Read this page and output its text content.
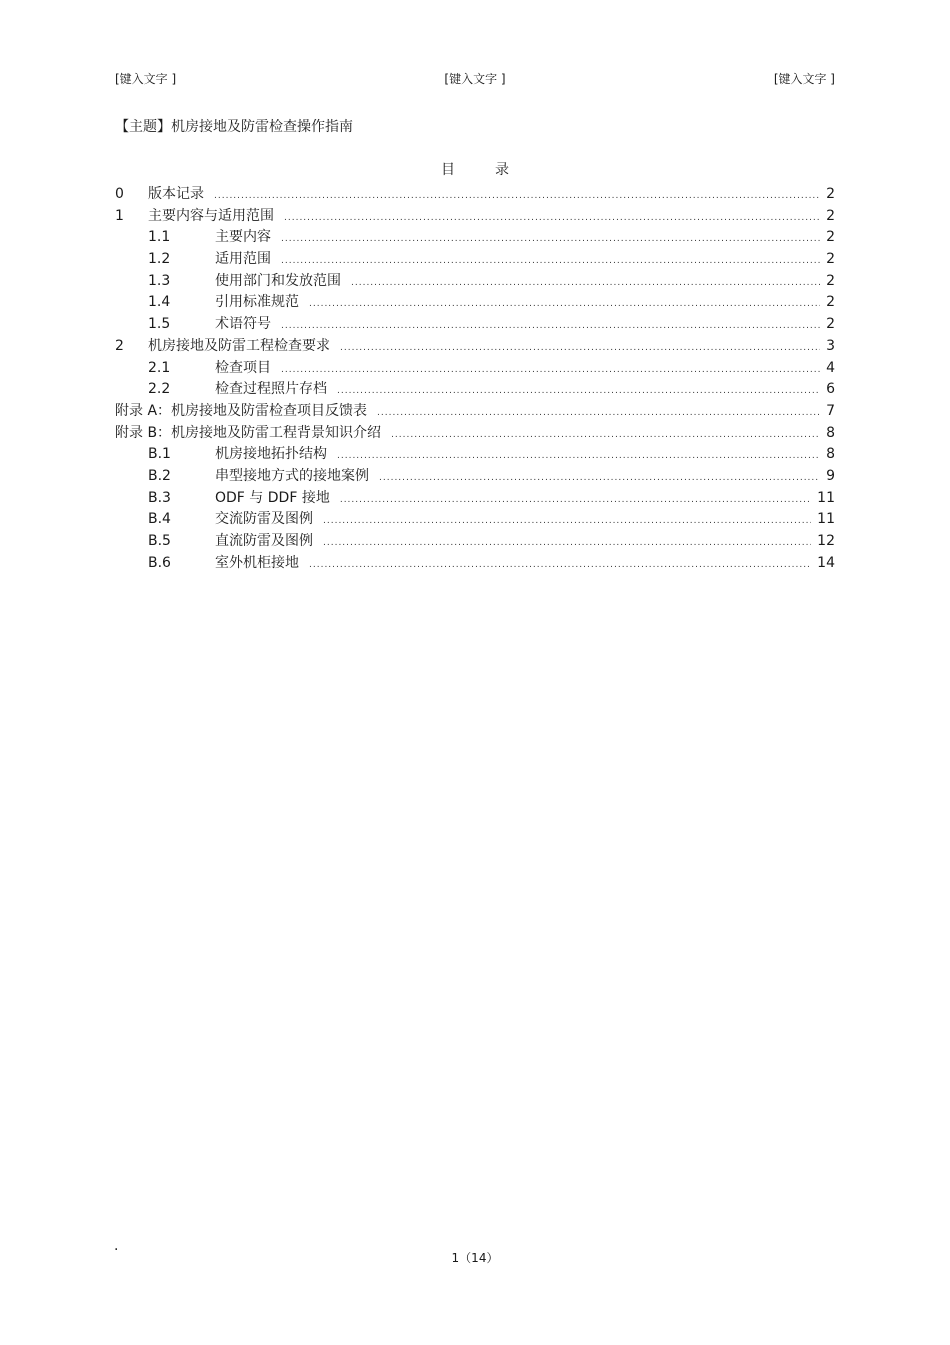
[键入文字 ]	[键入文字 ]	[键入文字 ]
【主题】机房接地及防雷检查操作指南
目录
0	版本记录 .....	2
1	主要内容与适用范围 .....	2
1.1	主要内容 .....	2
1.2	适用范围 .....	2
1.3	使用部门和发放范围 .....	2
1.4	引用标准规范 .....	2
1.5	术语符号 .....	2
2	机房接地及防雷工程检查要求 .....	3
2.1	检查项目 .....	4
2.2	检查过程照片存档 .....	6
附录 A：机房接地及防雷检查项目反馈表 .....	7
附录 B：机房接地及防雷工程背景知识介绍 .....	8
B.1	机房接地拓扑结构 .....	8
B.2	串型接地方式的接地案例 .....	9
B.3	ODF 与 DDF 接地 .....	11
B.4	交流防雷及图例 .....	11
B.5	直流防雷及图例 .....	12
B.6	室外机柜接地 .....	14
.
1（14）
